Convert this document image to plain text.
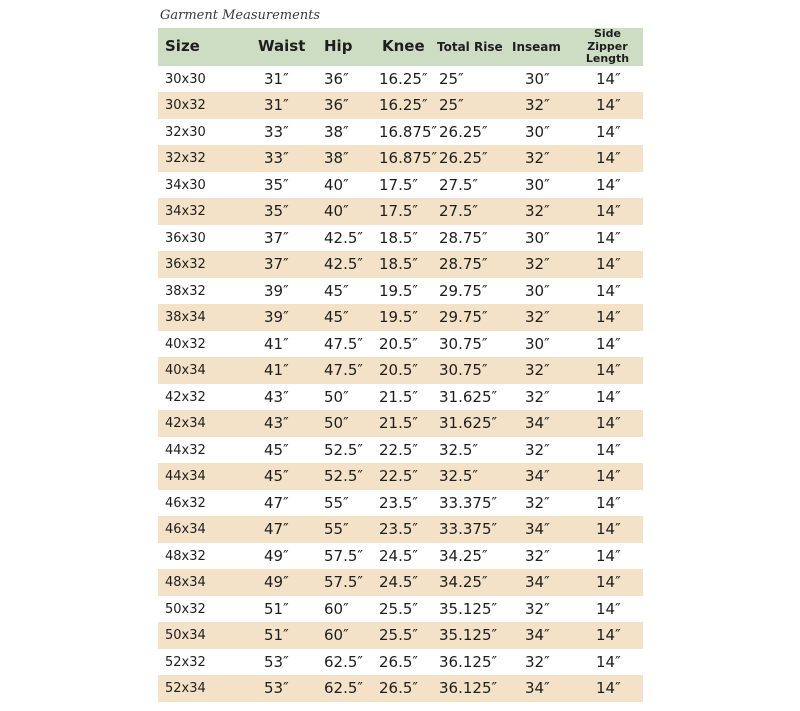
Garment Measurements
Size	Waist	Hip	Knee	Total Rise	Inseam	Side Zipper
Length
30x30	31″	36″	16.25″	25″	30″	14″
30x32	31″	36″	16.25″	25″	32″	14″
32x30	33″	38″	16.875″	26.25″	30″	14″
32x32	33″	38″	16.875″	26.25″	32″	14″
34x30	35″	40″	17.5″	27.5″	30″	14″
34x32	35″	40″	17.5″	27.5″	32″	14″
36x30	37″	42.5″	18.5″	28.75″	30″	14″
36x32	37″	42.5″	18.5″	28.75″	32″	14″
38x32	39″	45″	19.5″	29.75″	30″	14″
38x34	39″	45″	19.5″	29.75″	32″	14″
40x32	41″	47.5″	20.5″	30.75″	30″	14″
40x34	41″	47.5″	20.5″	30.75″	32″	14″
42x32	43″	50″	21.5″	31.625″	32″	14″
42x34	43″	50″	21.5″	31.625″	34″	14″
44x32	45″	52.5″	22.5″	32.5″	32″	14″
44x34	45″	52.5″	22.5″	32.5″	34″	14″
46x32	47″	55″	23.5″	33.375″	32″	14″
46x34	47″	55″	23.5″	33.375″	34″	14″
48x32	49″	57.5″	24.5″	34.25″	32″	14″
48x34	49″	57.5″	24.5″	34.25″	34″	14″
50x32	51″	60″	25.5″	35.125″	32″	14″
50x34	51″	60″	25.5″	35.125″	34″	14″
52x32	53″	62.5″	26.5″	36.125″	32″	14″
52x34	53″	62.5″	26.5″	36.125″	34″	14″
